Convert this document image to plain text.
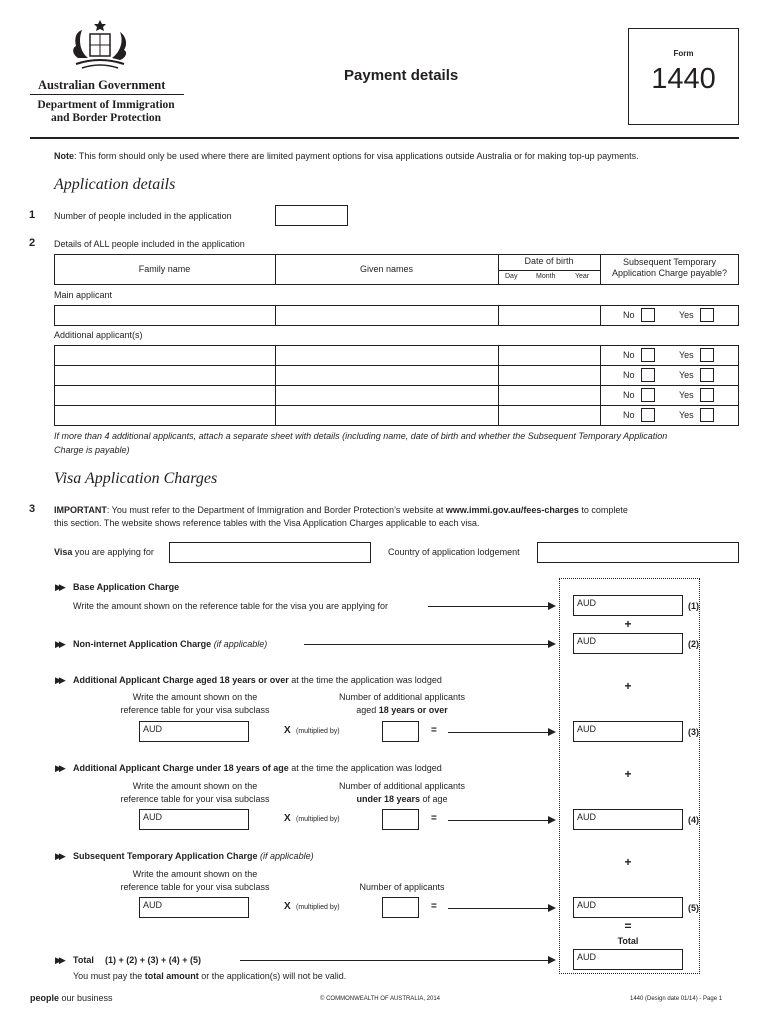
Australian Government
Department of Immigration
and Border Protection
Payment details
Form
1440
Note: This form should only be used where there are limited payment options for visa applications outside Australia or for making top-up payments.
Application details
1 Number of people included in the application
2 Details of ALL people included in the application
Family name	Given names
Date of birth
Day	Month	Year
Subsequent Temporary
Application Charge payable?
Main applicant
No	Yes
Additional applicant(s)
No	Yes
No	Yes
No	Yes
No	Yes
If more than 4 additional applicants, attach a separate sheet with details (including name, date of birth and whether the Subsequent Temporary Application
Charge is payable)
Visa Application Charges
3 IMPORTANT: You must refer to the Department of Immigration and Border Protection’s website at www.immi.gov.au/fees-charges to complete
this section. The website shows reference tables with the Visa Application Charges applicable to each visa.
Visa you are applying for	Country of application lodgement
▶▶ Base Application Charge
Write the amount shown on the reference table for the visa you are applying for	AUD	(1)
+
▶▶ Non-internet Application Charge (if applicable)	AUD	(2)
▶▶ Additional Applicant Charge aged 18 years or over at the time the application was lodged	+
Write the amount shown on the
reference table for your visa subclass
Number of additional applicants
aged 18 years or over
AUD	X (multiplied by)	=	AUD	(3)
▶▶ Additional Applicant Charge under 18 years of age at the time the application was lodged	+
Write the amount shown on the
reference table for your visa subclass
Number of additional applicants
under 18 years of age
AUD	X (multiplied by)	=	AUD	(4)
▶▶ Subsequent Temporary Application Charge (if applicable)	+
Write the amount shown on the
reference table for your visa subclass	Number of applicants
AUD	X (multiplied by)	=	AUD	(5)
=
Total
▶▶ Total (1) + (2) + (3) + (4) + (5)	AUD
You must pay the total amount or the application(s) will not be valid.
people our business	© COMMONWEALTH OF AUSTRALIA, 2014	1440 (Design date 01/14) - Page 1
